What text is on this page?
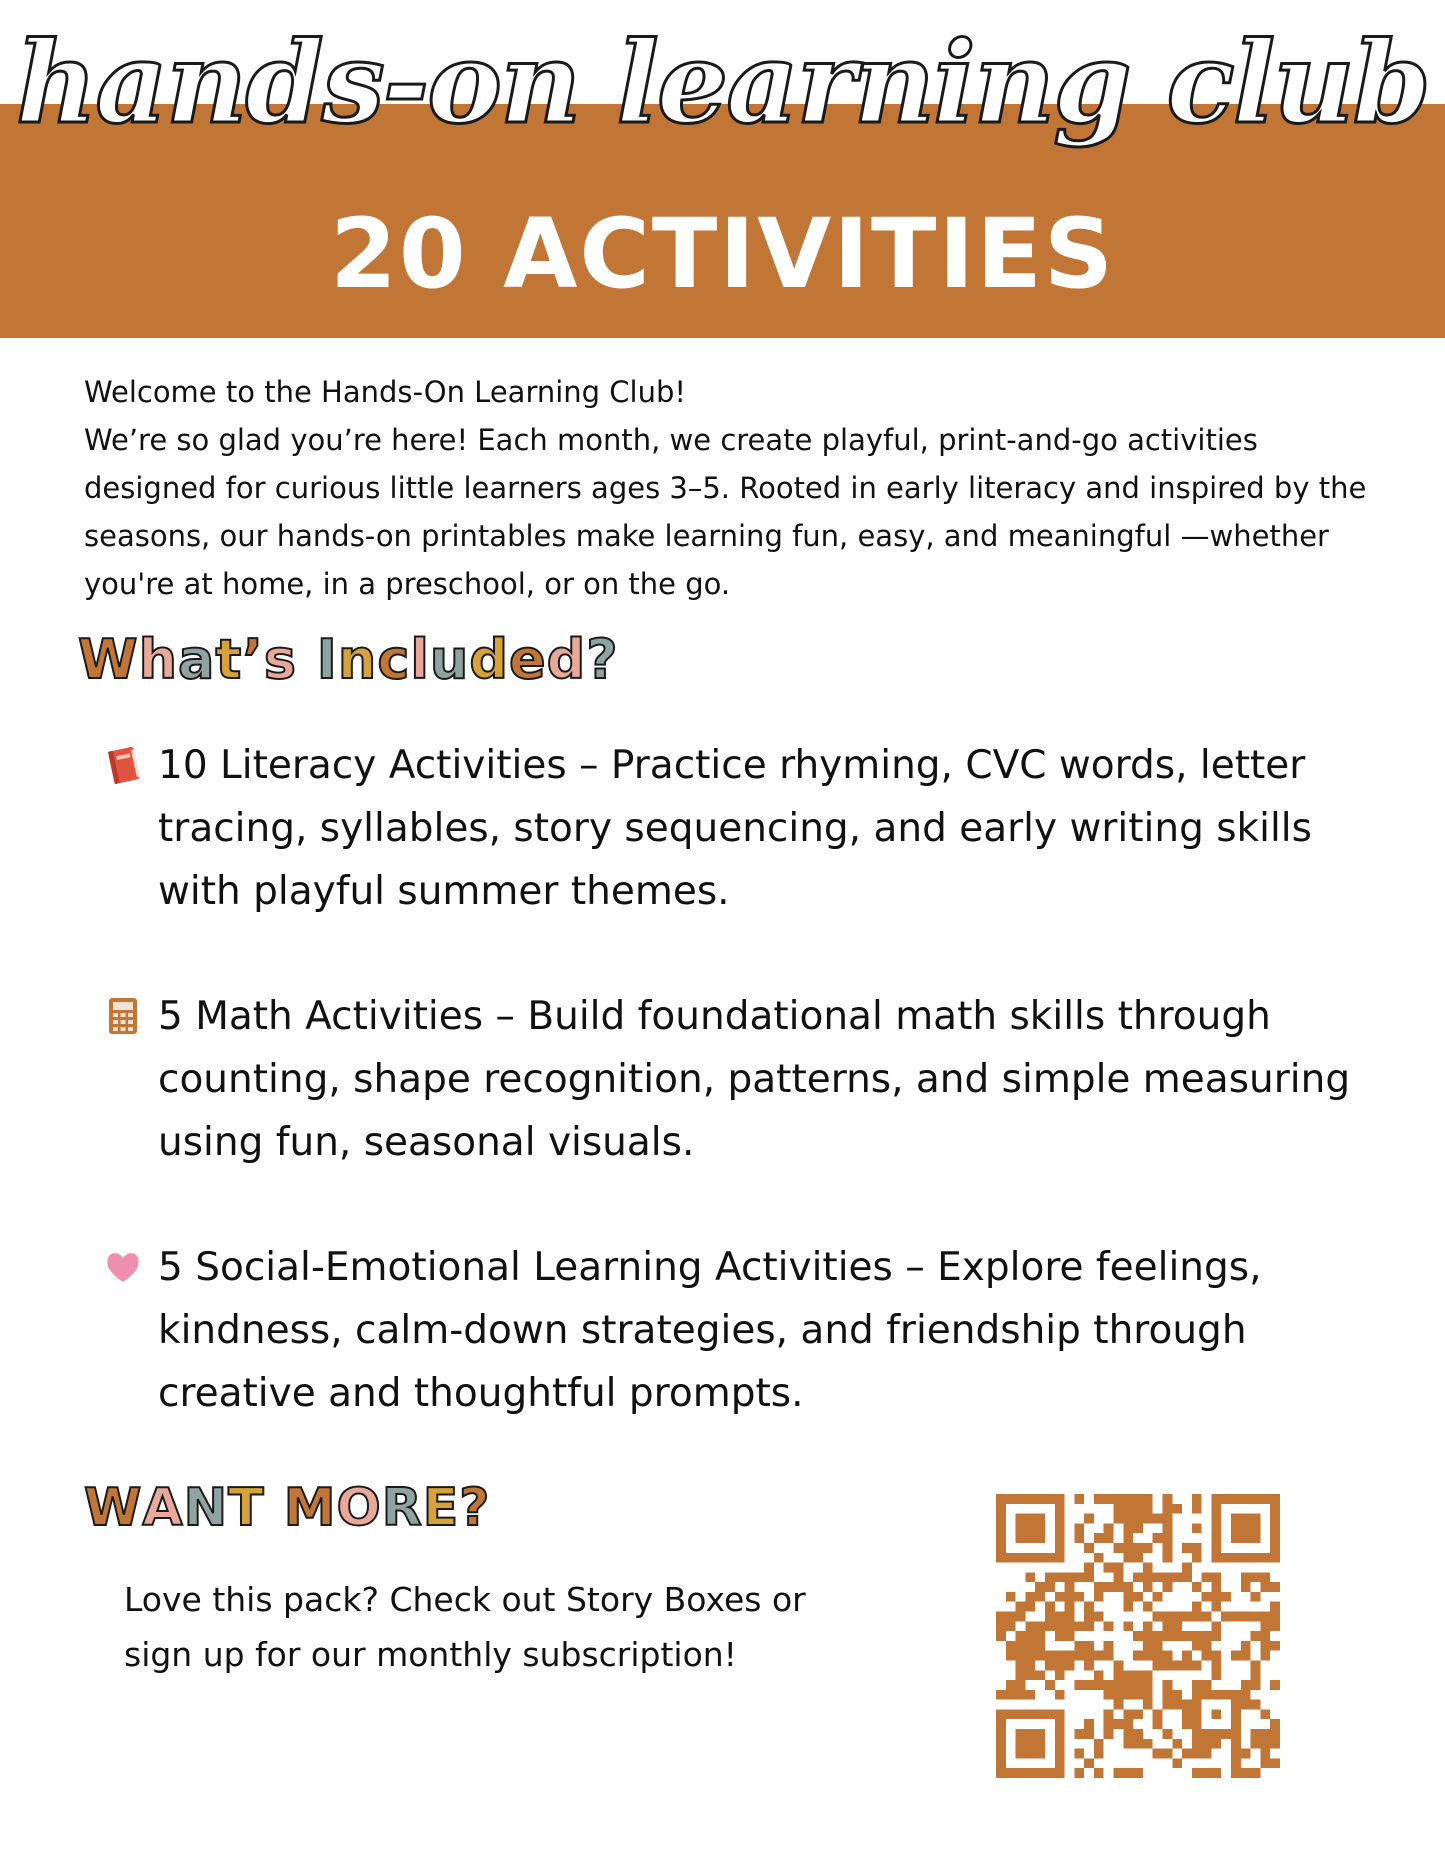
hands-on learning club
20 ACTIVITIES

Welcome to the Hands-On Learning Club!

We’re so glad you’re here! Each month, we create playful, print-and-go activities designed for curious little learners ages 3–5. Rooted in early literacy and inspired by the seasons, our hands-on printables make learning fun, easy, and meaningful —whether you're at home, in a preschool, or on the go.

What’s Included?
10 Literacy Activities – Practice rhyming, CVC words, letter tracing, syllables, story sequencing, and early writing skills with playful summer themes.
5 Math Activities – Build foundational math skills through counting, shape recognition, patterns, and simple measuring using fun, seasonal visuals.
5 Social-Emotional Learning Activities – Explore feelings, kindness, calm-down strategies, and friendship through creative and thoughtful prompts.
WANT MORE?
Love this pack? Check out Story Boxes or sign up for our monthly subscription!
